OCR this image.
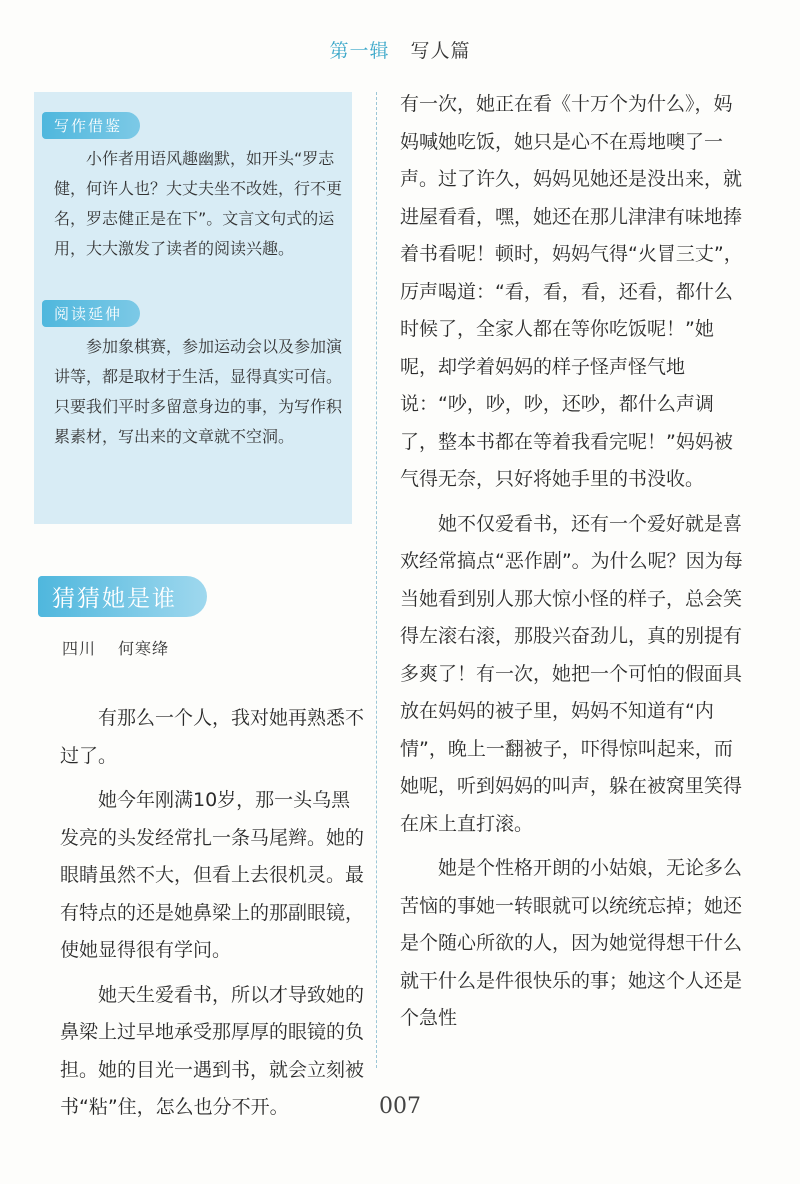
第一辑 写人篇
写作借鉴

小作者用语风趣幽默，如开头“罗志健，何许人也？大丈夫坐不改姓，行不更名，罗志健正是在下”。文言文句式的运用，大大激发了读者的阅读兴趣。

阅读延伸

参加象棋赛，参加运动会以及参加演讲等，都是取材于生活，显得真实可信。只要我们平时多留意身边的事，为写作积累素材，写出来的文章就不空洞。

猜猜她是谁
四川 何寒绛

有那么一个人，我对她再熟悉不过了。

她今年刚满10岁，那一头乌黑发亮的头发经常扎一条马尾辫。她的眼睛虽然不大，但看上去很机灵。最有特点的还是她鼻梁上的那副眼镜，使她显得很有学问。

她天生爱看书，所以才导致她的鼻梁上过早地承受那厚厚的眼镜的负担。她的目光一遇到书，就会立刻被书“粘”住，怎么也分不开。

有一次，她正在看《十万个为什么》，妈妈喊她吃饭，她只是心不在焉地噢了一声。过了许久，妈妈见她还是没出来，就进屋看看，嘿，她还在那儿津津有味地捧着书看呢！顿时，妈妈气得“火冒三丈”，厉声喝道：“看，看，看，还看，都什么时候了，全家人都在等你吃饭呢！”她呢，却学着妈妈的样子怪声怪气地说：“吵，吵，吵，还吵，都什么声调了，整本书都在等着我看完呢！”妈妈被气得无奈，只好将她手里的书没收。

她不仅爱看书，还有一个爱好就是喜欢经常搞点“恶作剧”。为什么呢？因为每当她看到别人那大惊小怪的样子，总会笑得左滚右滚，那股兴奋劲儿，真的别提有多爽了！有一次，她把一个可怕的假面具放在妈妈的被子里，妈妈不知道有“内情”，晚上一翻被子，吓得惊叫起来，而她呢，听到妈妈的叫声，躲在被窝里笑得在床上直打滚。

她是个性格开朗的小姑娘，无论多么苦恼的事她一转眼就可以统统忘掉；她还是个随心所欲的人，因为她觉得想干什么就干什么是件很快乐的事；她这个人还是个急性

007
